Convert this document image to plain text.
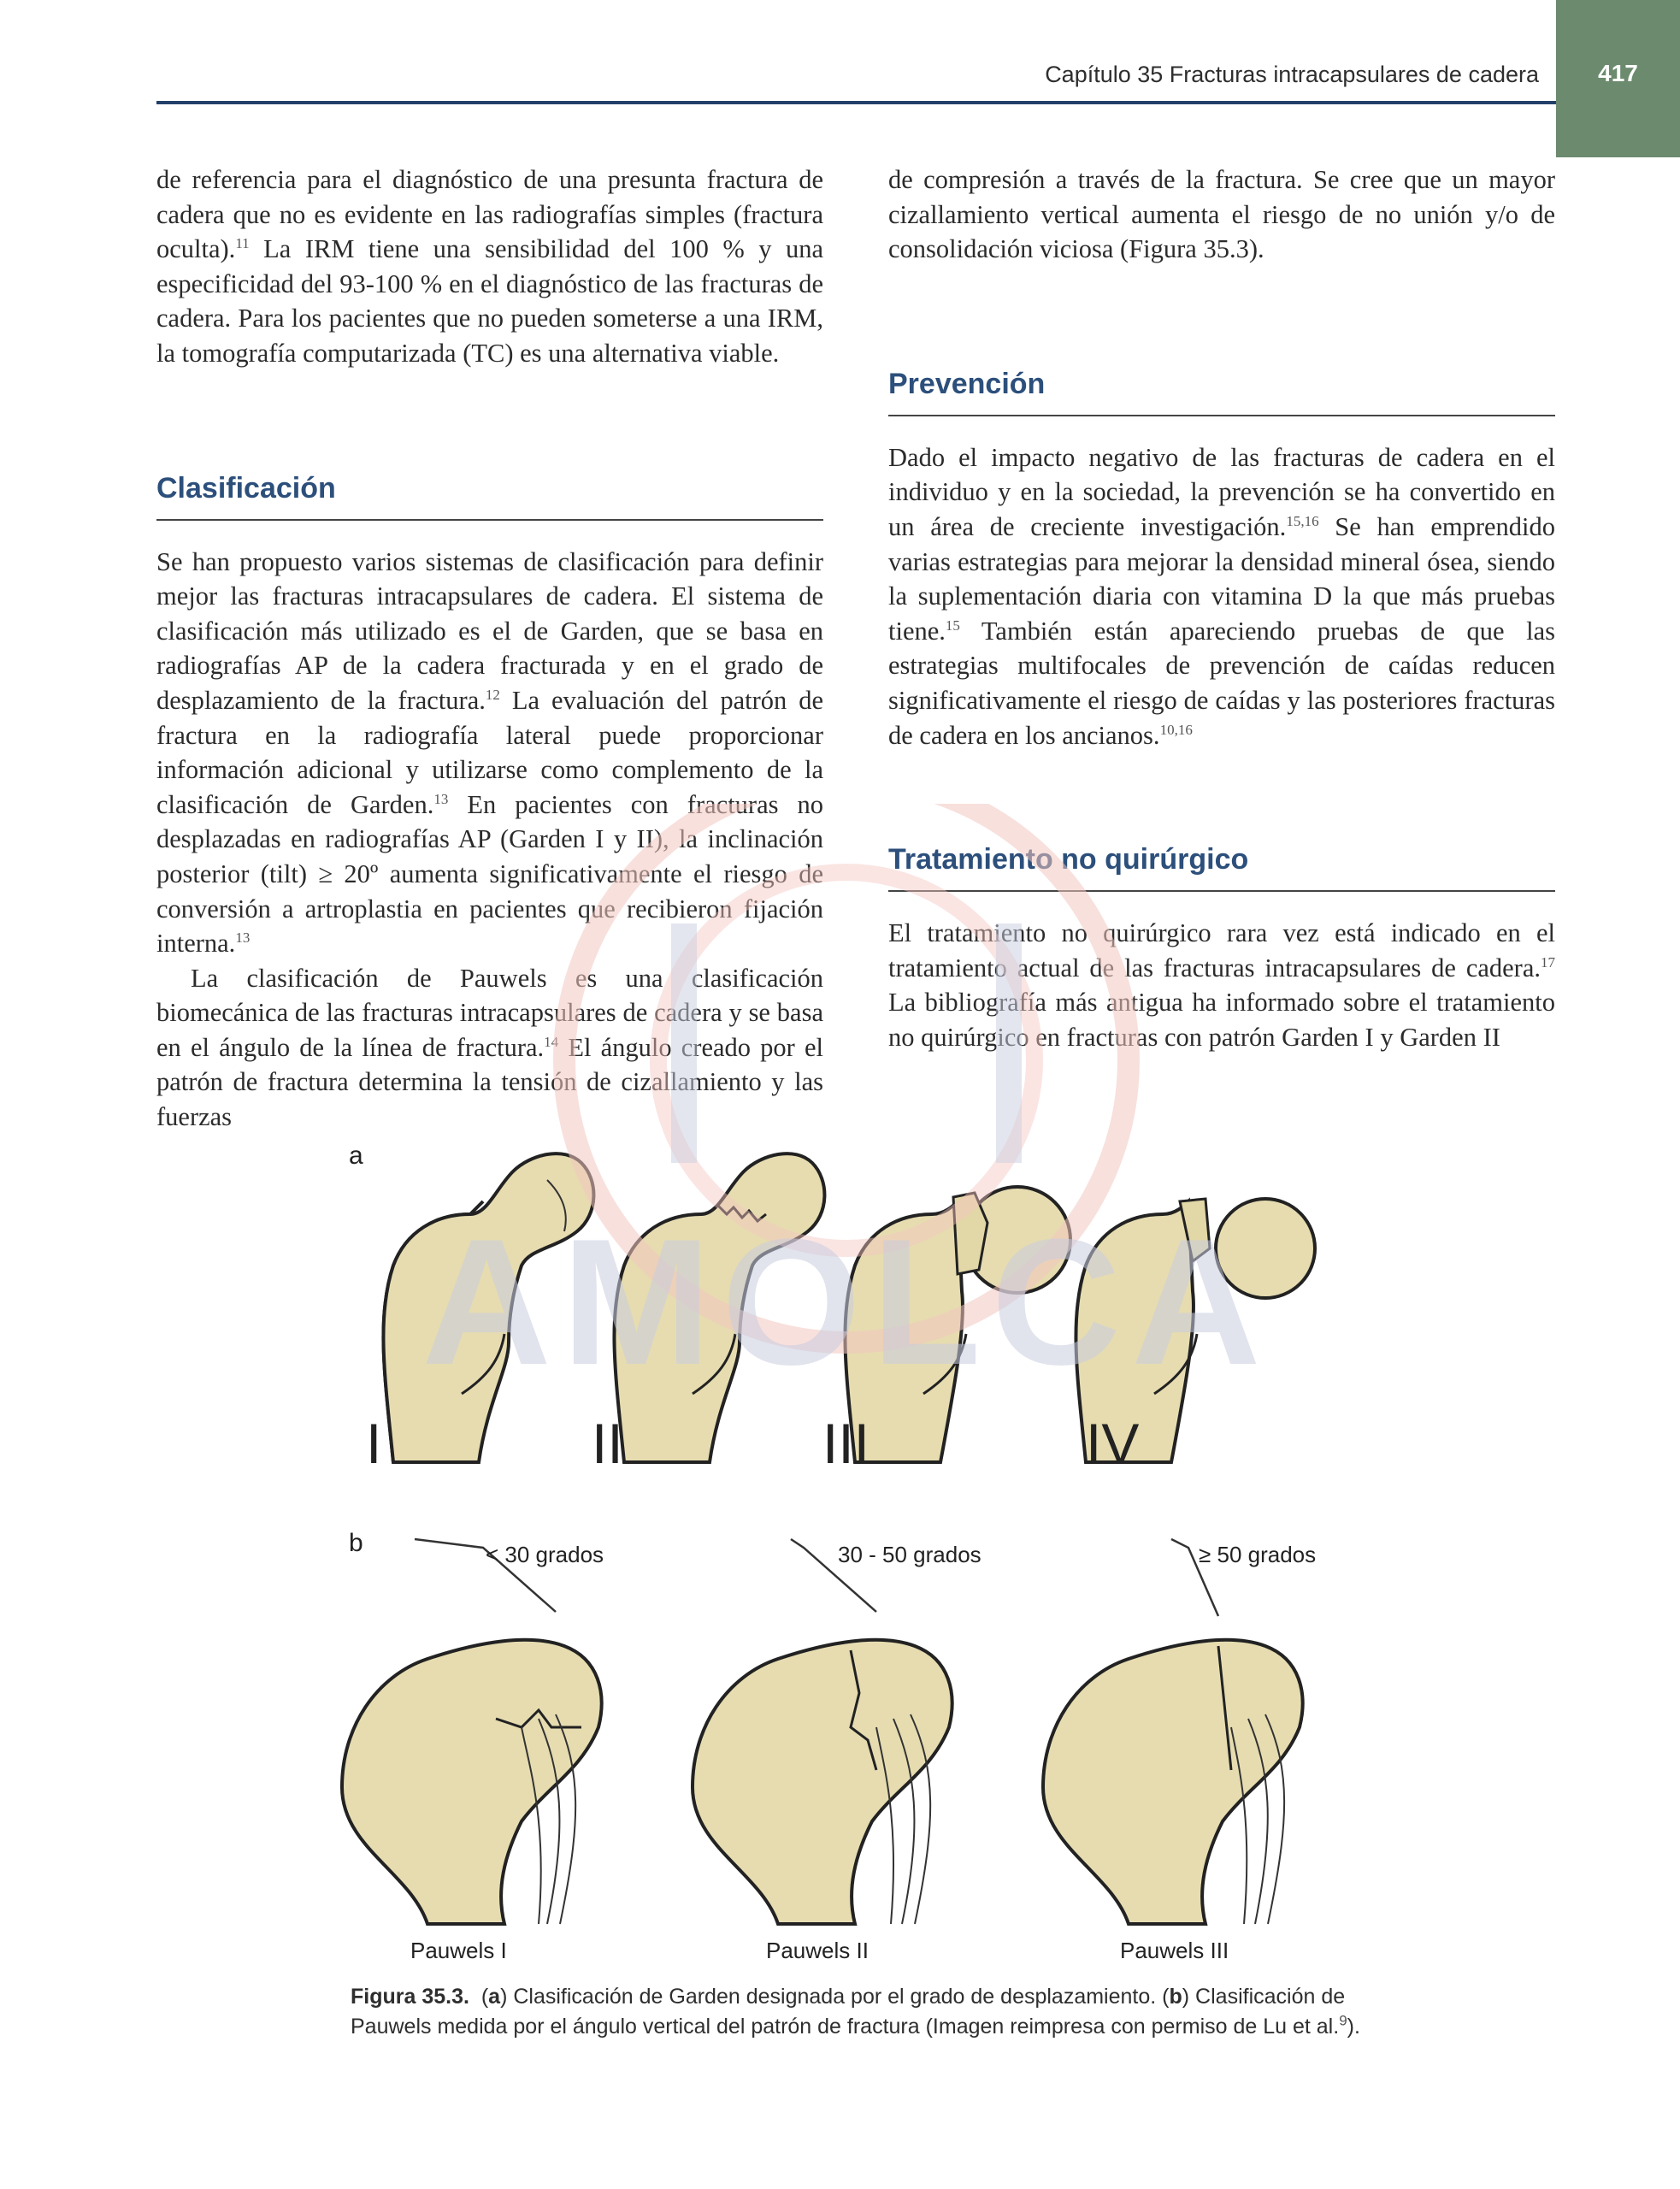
417
Capítulo 35 Fracturas intracapsulares de cadera

de referencia para el diagnóstico de una presunta fractura de cadera que no es evidente en las radiografías simples (fractura oculta).$^{11}$ La IRM tiene una sensibilidad del 100 % y una especificidad del 93-100 % en el diagnóstico de las fracturas de cadera. Para los pacientes que no pueden someterse a una IRM, la tomografía computarizada (TC) es una alternativa viable.

Clasificación

Se han propuesto varios sistemas de clasificación para definir mejor las fracturas intracapsulares de cadera. El sistema de clasificación más utilizado es el de Garden, que se basa en radiografías AP de la cadera fracturada y en el grado de desplazamiento de la fractura.$^{12}$ La evaluación del patrón de fractura en la radiografía lateral puede proporcionar información adicional y utilizarse como complemento de la clasificación de Garden.$^{13}$ En pacientes con fracturas no desplazadas en radiografías AP (Garden I y II), la inclinación posterior (tilt) ≥ 20º aumenta significativamente el riesgo de conversión a artroplastia en pacientes que recibieron fijación interna.$^{13}$

La clasificación de Pauwels es una clasificación biomecánica de las fracturas intracapsulares de cadera y se basa en el ángulo de la línea de fractura.$^{14}$ El ángulo creado por el patrón de fractura determina la tensión de cizallamiento y las fuerzas

de compresión a través de la fractura. Se cree que un mayor cizallamiento vertical aumenta el riesgo de no unión y/o de consolidación viciosa (Figura 35.3).

Prevención

Dado el impacto negativo de las fracturas de cadera en el individuo y en la sociedad, la prevención se ha convertido en un área de creciente investigación.$^{15,16}$ Se han emprendido varias estrategias para mejorar la densidad mineral ósea, siendo la suplementación diaria con vitamina D la que más pruebas tiene.$^{15}$ También están apareciendo pruebas de que las estrategias multifocales de prevención de caídas reducen significativamente el riesgo de caídas y las posteriores fracturas de cadera en los ancianos.$^{10,16}$

Tratamiento no quirúrgico

El tratamiento no quirúrgico rara vez está indicado en el tratamiento actual de las fracturas intracapsulares de cadera.$^{17}$ La bibliografía más antigua ha informado sobre el tratamiento no quirúrgico en fracturas con patrón Garden I y Garden II

a
b
I	II	III	IV
< 30 grados	30 - 50 grados	≥ 50 grados
Pauwels I	Pauwels II	Pauwels III
Figura 35.3.  (a) Clasificación de Garden designada por el grado de desplazamiento. (b) Clasificación de Pauwels medida por el ángulo vertical del patrón de fractura (Imagen reimpresa con permiso de Lu et al.$^9$).
AMOLCA
